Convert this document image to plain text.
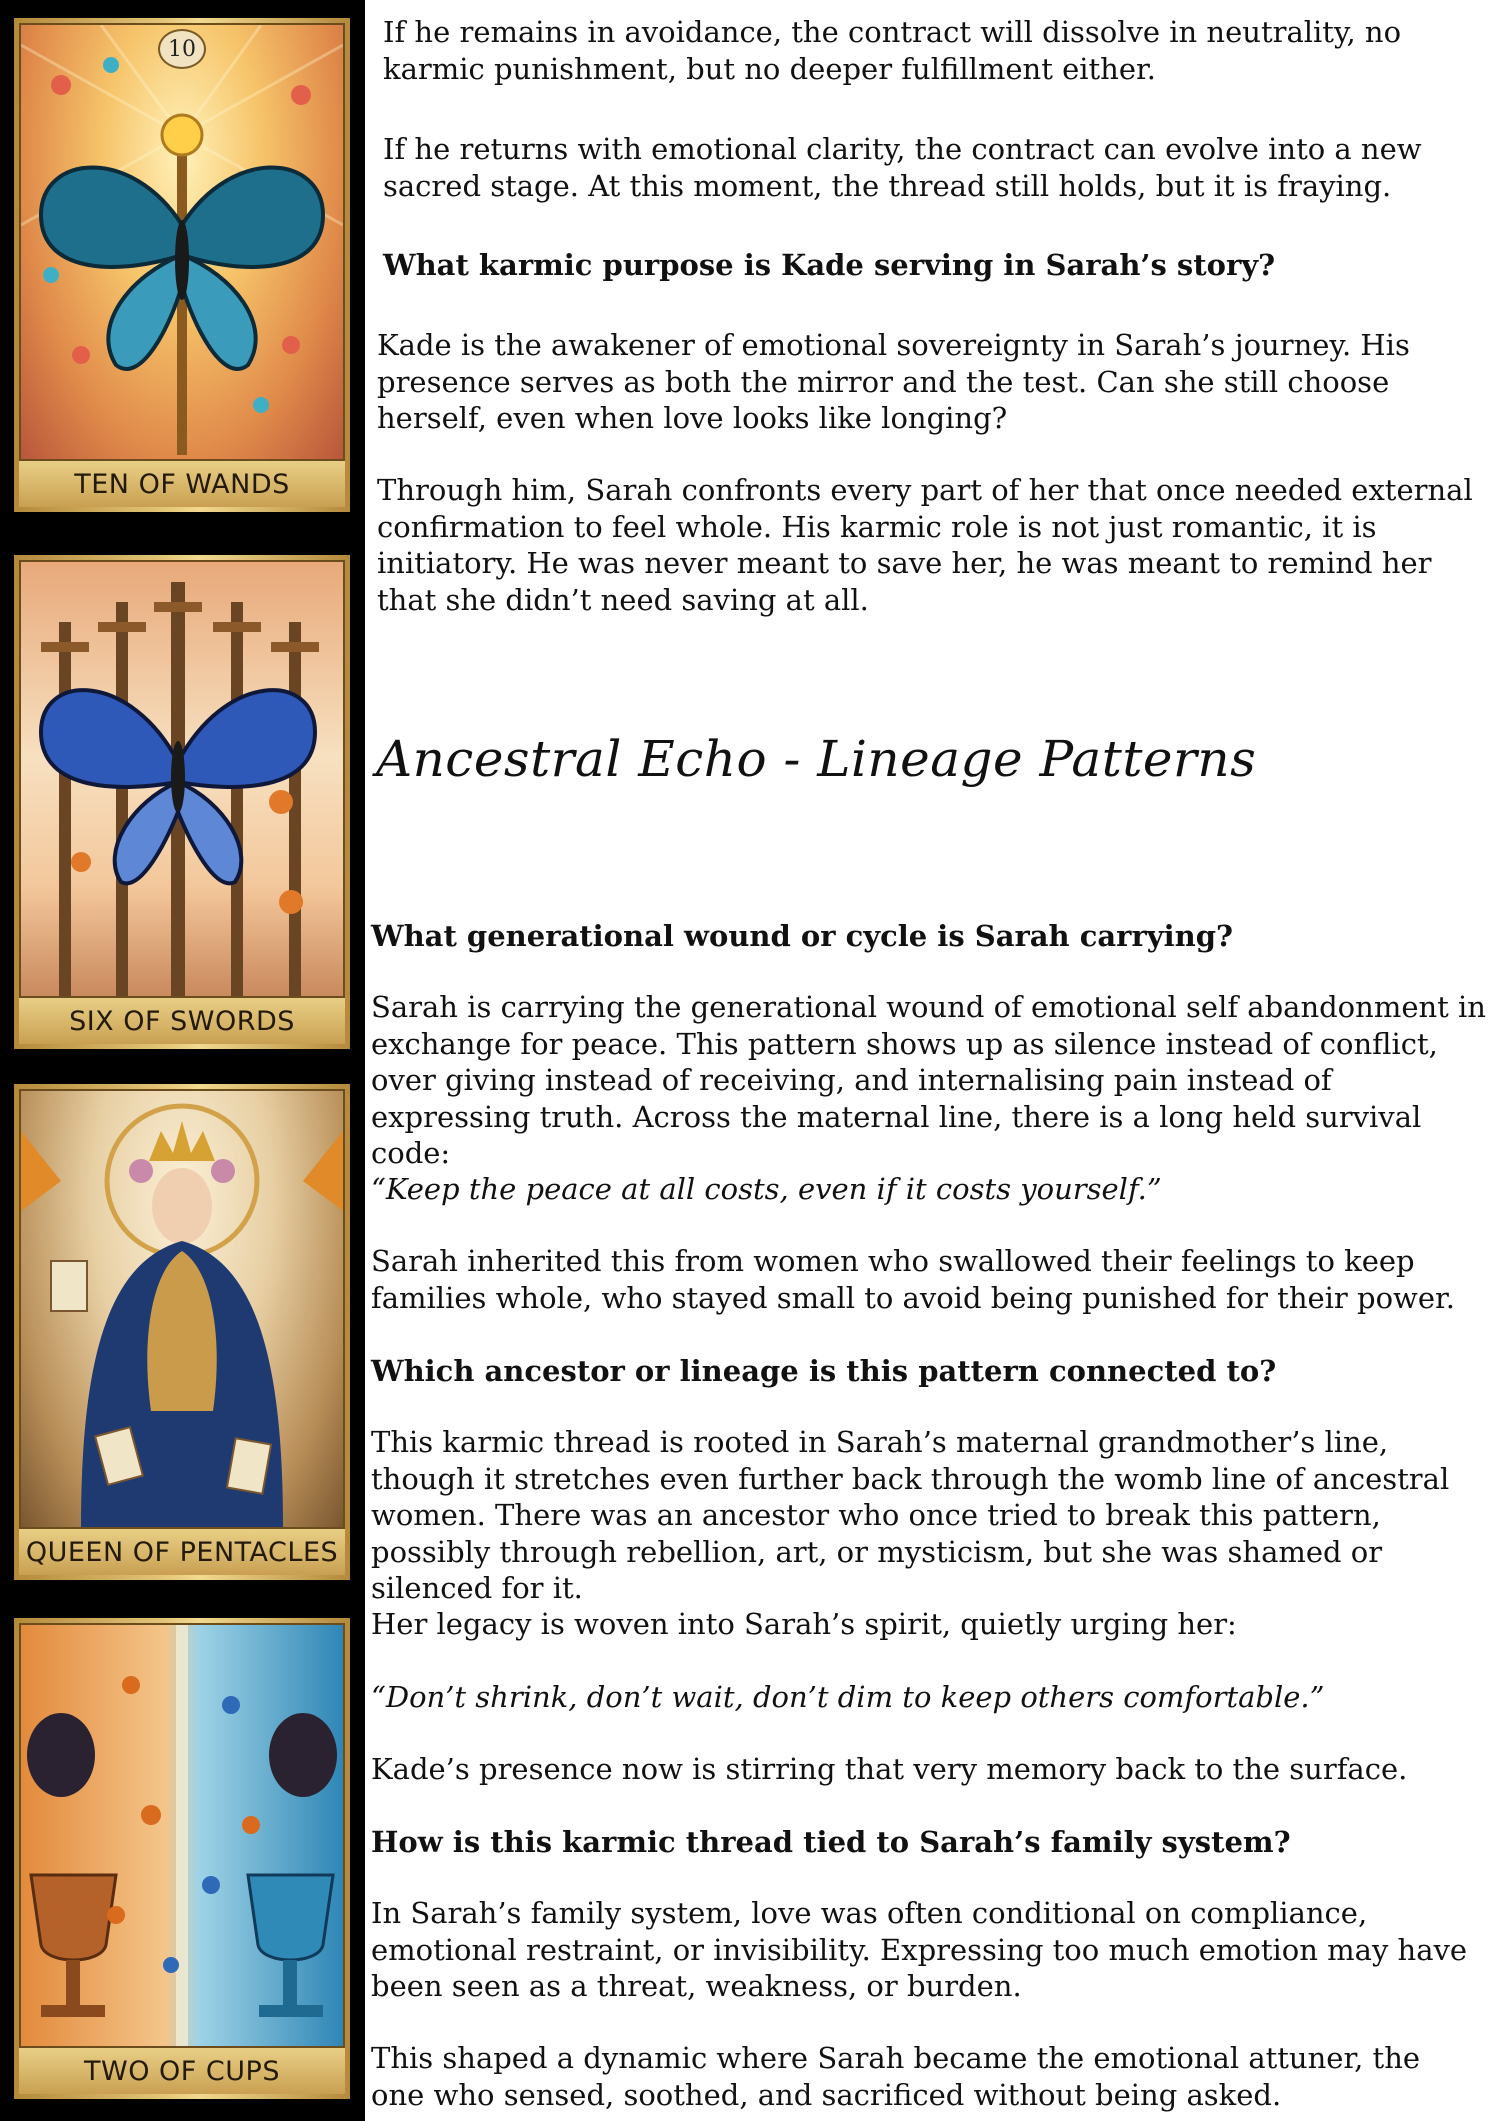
10
TEN OF WANDS
SIX OF SWORDS
QUEEN OF PENTACLES
TWO OF CUPS

If he remains in avoidance, the contract will dissolve in neutrality, no karmic punishment, but no deeper fulfillment either.

If he returns with emotional clarity, the contract can evolve into a new sacred stage. At this moment, the thread still holds, but it is fraying.

What karmic purpose is Kade serving in Sarah’s story?
Kade is the awakener of emotional sovereignty in Sarah’s journey. His presence serves as both the mirror and the test. Can she still choose herself, even when love looks like longing?
Through him, Sarah confronts every part of her that once needed external confirmation to feel whole. His karmic role is not just romantic, it is initiatory. He was never meant to save her, he was meant to remind her that she didn’t need saving at all.
Ancestral Echo - Lineage Patterns
What generational wound or cycle is Sarah carrying?
Sarah is carrying the generational wound of emotional self abandonment in exchange for peace. This pattern shows up as silence instead of conflict, over giving instead of receiving, and internalising pain instead of expressing truth. Across the maternal line, there is a long held survival code:
“Keep the peace at all costs, even if it costs yourself.”
Sarah inherited this from women who swallowed their feelings to keep families whole, who stayed small to avoid being punished for their power.
Which ancestor or lineage is this pattern connected to?
This karmic thread is rooted in Sarah’s maternal grandmother’s line, though it stretches even further back through the womb line of ancestral women. There was an ancestor who once tried to break this pattern, possibly through rebellion, art, or mysticism, but she was shamed or silenced for it.
Her legacy is woven into Sarah’s spirit, quietly urging her:
“Don’t shrink, don’t wait, don’t dim to keep others comfortable.”
Kade’s presence now is stirring that very memory back to the surface.
How is this karmic thread tied to Sarah’s family system?
In Sarah’s family system, love was often conditional on compliance, emotional restraint, or invisibility. Expressing too much emotion may have been seen as a threat, weakness, or burden.
This shaped a dynamic where Sarah became the emotional attuner, the one who sensed, soothed, and sacrificed without being asked.
